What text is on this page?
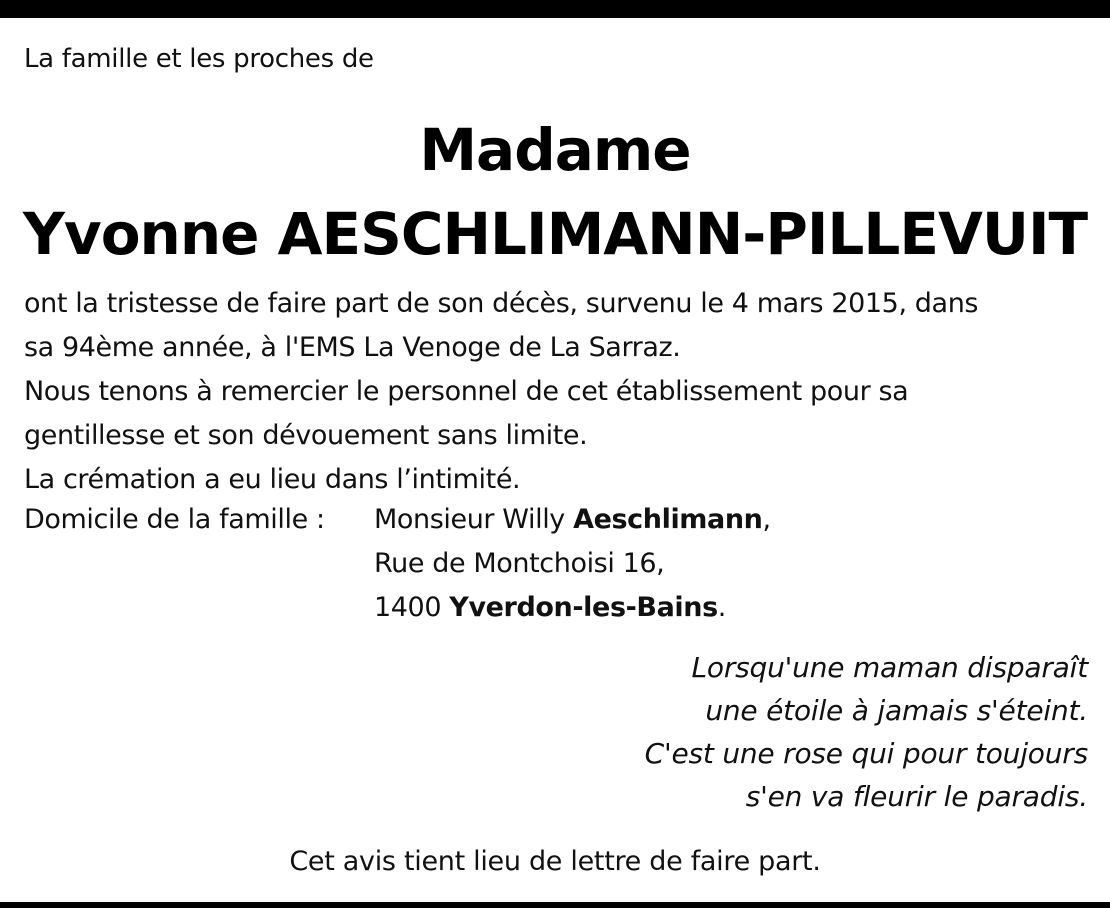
La famille et les proches de
Madame
Yvonne AESCHLIMANN-PILLEVUIT

ont la tristesse de faire part de son décès, survenu le 4 mars 2015, dans

sa 94ème année, à l'EMS La Venoge de La Sarraz.

Nous tenons à remercier le personnel de cet établissement pour sa

gentillesse et son dévouement sans limite.

La crémation a eu lieu dans l’intimité.

Domicile de la famille :	Monsieur Willy Aeschlimann,
Rue de Montchoisi 16,
1400 Yverdon-les-Bains.
Lorsqu'une maman disparaît
une étoile à jamais s'éteint.
C'est une rose qui pour toujours
s'en va fleurir le paradis.
Cet avis tient lieu de lettre de faire part.
